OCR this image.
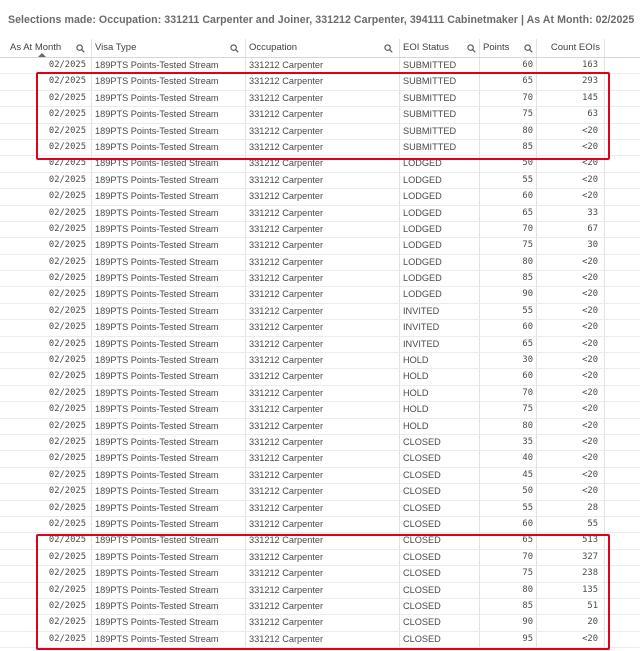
Selections made: Occupation: 331211 Carpenter and Joiner, 331212 Carpenter, 394111 Cabinetmaker | As At Month: 02/2025
As At Month	Visa Type	Occupation	EOI Status	Points	Count EOIs
02/2025 189PTS Points-Tested Stream	331212 Carpenter	SUBMITTED	60	163
02/2025 189PTS Points-Tested Stream	331212 Carpenter	SUBMITTED	65	293
02/2025 189PTS Points-Tested Stream	331212 Carpenter	SUBMITTED	70	145
02/2025 189PTS Points-Tested Stream	331212 Carpenter	SUBMITTED	75	63
02/2025 189PTS Points-Tested Stream	331212 Carpenter	SUBMITTED	80	<20
02/2025 189PTS Points-Tested Stream	331212 Carpenter	SUBMITTED	85	<20
02/2025 189PTS Points-Tested Stream	331212 Carpenter	LODGED	50	<20
02/2025 189PTS Points-Tested Stream	331212 Carpenter	LODGED	55	<20
02/2025 189PTS Points-Tested Stream	331212 Carpenter	LODGED	60	<20
02/2025 189PTS Points-Tested Stream	331212 Carpenter	LODGED	65	33
02/2025 189PTS Points-Tested Stream	331212 Carpenter	LODGED	70	67
02/2025 189PTS Points-Tested Stream	331212 Carpenter	LODGED	75	30
02/2025 189PTS Points-Tested Stream	331212 Carpenter	LODGED	80	<20
02/2025 189PTS Points-Tested Stream	331212 Carpenter	LODGED	85	<20
02/2025 189PTS Points-Tested Stream	331212 Carpenter	LODGED	90	<20
02/2025 189PTS Points-Tested Stream	331212 Carpenter	INVITED	55	<20
02/2025 189PTS Points-Tested Stream	331212 Carpenter	INVITED	60	<20
02/2025 189PTS Points-Tested Stream	331212 Carpenter	INVITED	65	<20
02/2025 189PTS Points-Tested Stream	331212 Carpenter	HOLD	30	<20
02/2025 189PTS Points-Tested Stream	331212 Carpenter	HOLD	60	<20
02/2025 189PTS Points-Tested Stream	331212 Carpenter	HOLD	70	<20
02/2025 189PTS Points-Tested Stream	331212 Carpenter	HOLD	75	<20
02/2025 189PTS Points-Tested Stream	331212 Carpenter	HOLD	80	<20
02/2025 189PTS Points-Tested Stream	331212 Carpenter	CLOSED	35	<20
02/2025 189PTS Points-Tested Stream	331212 Carpenter	CLOSED	40	<20
02/2025 189PTS Points-Tested Stream	331212 Carpenter	CLOSED	45	<20
02/2025 189PTS Points-Tested Stream	331212 Carpenter	CLOSED	50	<20
02/2025 189PTS Points-Tested Stream	331212 Carpenter	CLOSED	55	28
02/2025 189PTS Points-Tested Stream	331212 Carpenter	CLOSED	60	55
02/2025 189PTS Points-Tested Stream	331212 Carpenter	CLOSED	65	513
02/2025 189PTS Points-Tested Stream	331212 Carpenter	CLOSED	70	327
02/2025 189PTS Points-Tested Stream	331212 Carpenter	CLOSED	75	238
02/2025 189PTS Points-Tested Stream	331212 Carpenter	CLOSED	80	135
02/2025 189PTS Points-Tested Stream	331212 Carpenter	CLOSED	85	51
02/2025 189PTS Points-Tested Stream	331212 Carpenter	CLOSED	90	20
02/2025 189PTS Points-Tested Stream	331212 Carpenter	CLOSED	95	<20
